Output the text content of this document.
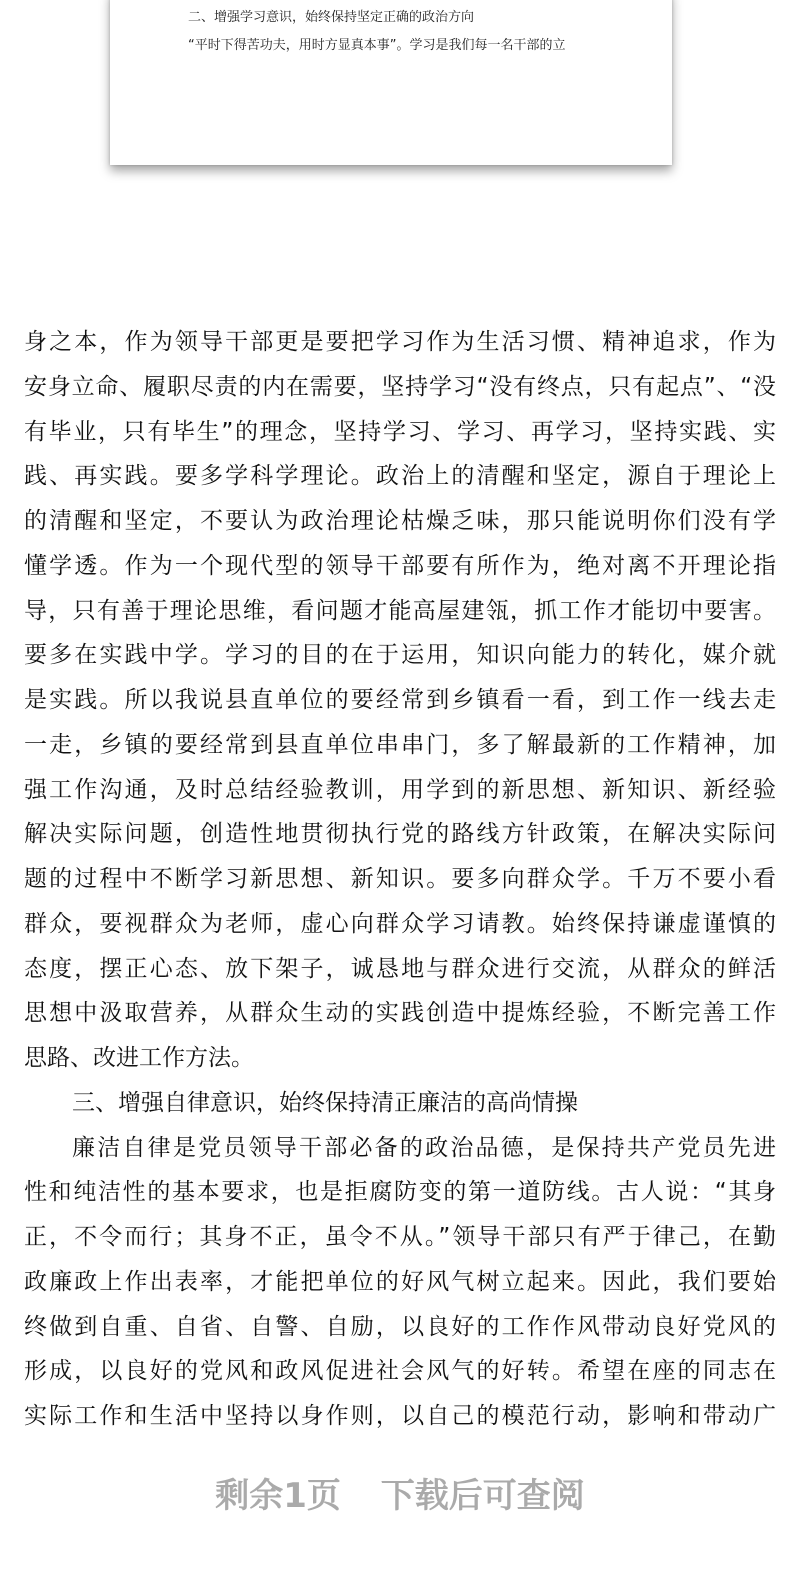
二、增强学习意识，始终保持坚定正确的政治方向
“平时下得苦功夫，用时方显真本事”。学习是我们每一名干部的立
身之本，作为领导干部更是要把学习作为生活习惯、精神追求，作为
安身立命、履职尽责的内在需要，坚持学习“没有终点，只有起点”、“没
有毕业，只有毕生”的理念，坚持学习、学习、再学习，坚持实践、实
践、再实践。要多学科学理论。政治上的清醒和坚定，源自于理论上
的清醒和坚定，不要认为政治理论枯燥乏味，那只能说明你们没有学
懂学透。作为一个现代型的领导干部要有所作为，绝对离不开理论指
导，只有善于理论思维，看问题才能高屋建瓴，抓工作才能切中要害。
要多在实践中学。学习的目的在于运用，知识向能力的转化，媒介就
是实践。所以我说县直单位的要经常到乡镇看一看，到工作一线去走
一走，乡镇的要经常到县直单位串串门，多了解最新的工作精神，加
强工作沟通，及时总结经验教训，用学到的新思想、新知识、新经验
解决实际问题，创造性地贯彻执行党的路线方针政策，在解决实际问
题的过程中不断学习新思想、新知识。要多向群众学。千万不要小看
群众，要视群众为老师，虚心向群众学习请教。始终保持谦虚谨慎的
态度，摆正心态、放下架子，诚恳地与群众进行交流，从群众的鲜活
思想中汲取营养，从群众生动的实践创造中提炼经验，不断完善工作
思路、改进工作方法。
三、增强自律意识，始终保持清正廉洁的高尚情操
廉洁自律是党员领导干部必备的政治品德，是保持共产党员先进
性和纯洁性的基本要求，也是拒腐防变的第一道防线。古人说：“其身
正，不令而行；其身不正，虽令不从。”领导干部只有严于律己，在勤
政廉政上作出表率，才能把单位的好风气树立起来。因此，我们要始
终做到自重、自省、自警、自励，以良好的工作作风带动良好党风的
形成，以良好的党风和政风促进社会风气的好转。希望在座的同志在
实际工作和生活中坚持以身作则，以自己的模范行动，影响和带动广
剩余1页 下载后可查阅
